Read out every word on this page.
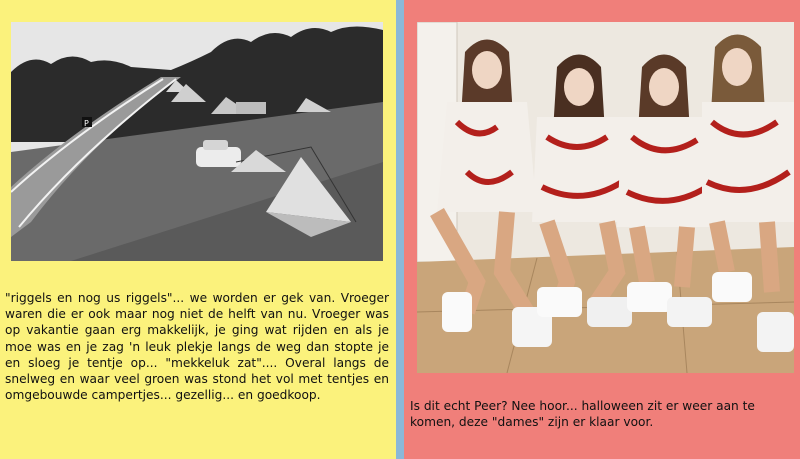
P
"riggels en nog us riggels"... we worden er gek van. Vroeger waren die er ook maar nog niet de helft van nu. Vroeger was op vakantie gaan erg makkelijk, je ging wat rijden en als je moe was en je zag 'n leuk plekje langs de weg dan stopte je en sloeg je tentje op... "mekkeluk zat".... Overal langs de snelweg en waar veel groen was stond het vol met tentjes en omgebouwde campertjes... gezellig... en goedkoop.
Is dit echt Peer? Nee hoor... halloween zit er weer aan te komen, deze "dames" zijn er klaar voor.
